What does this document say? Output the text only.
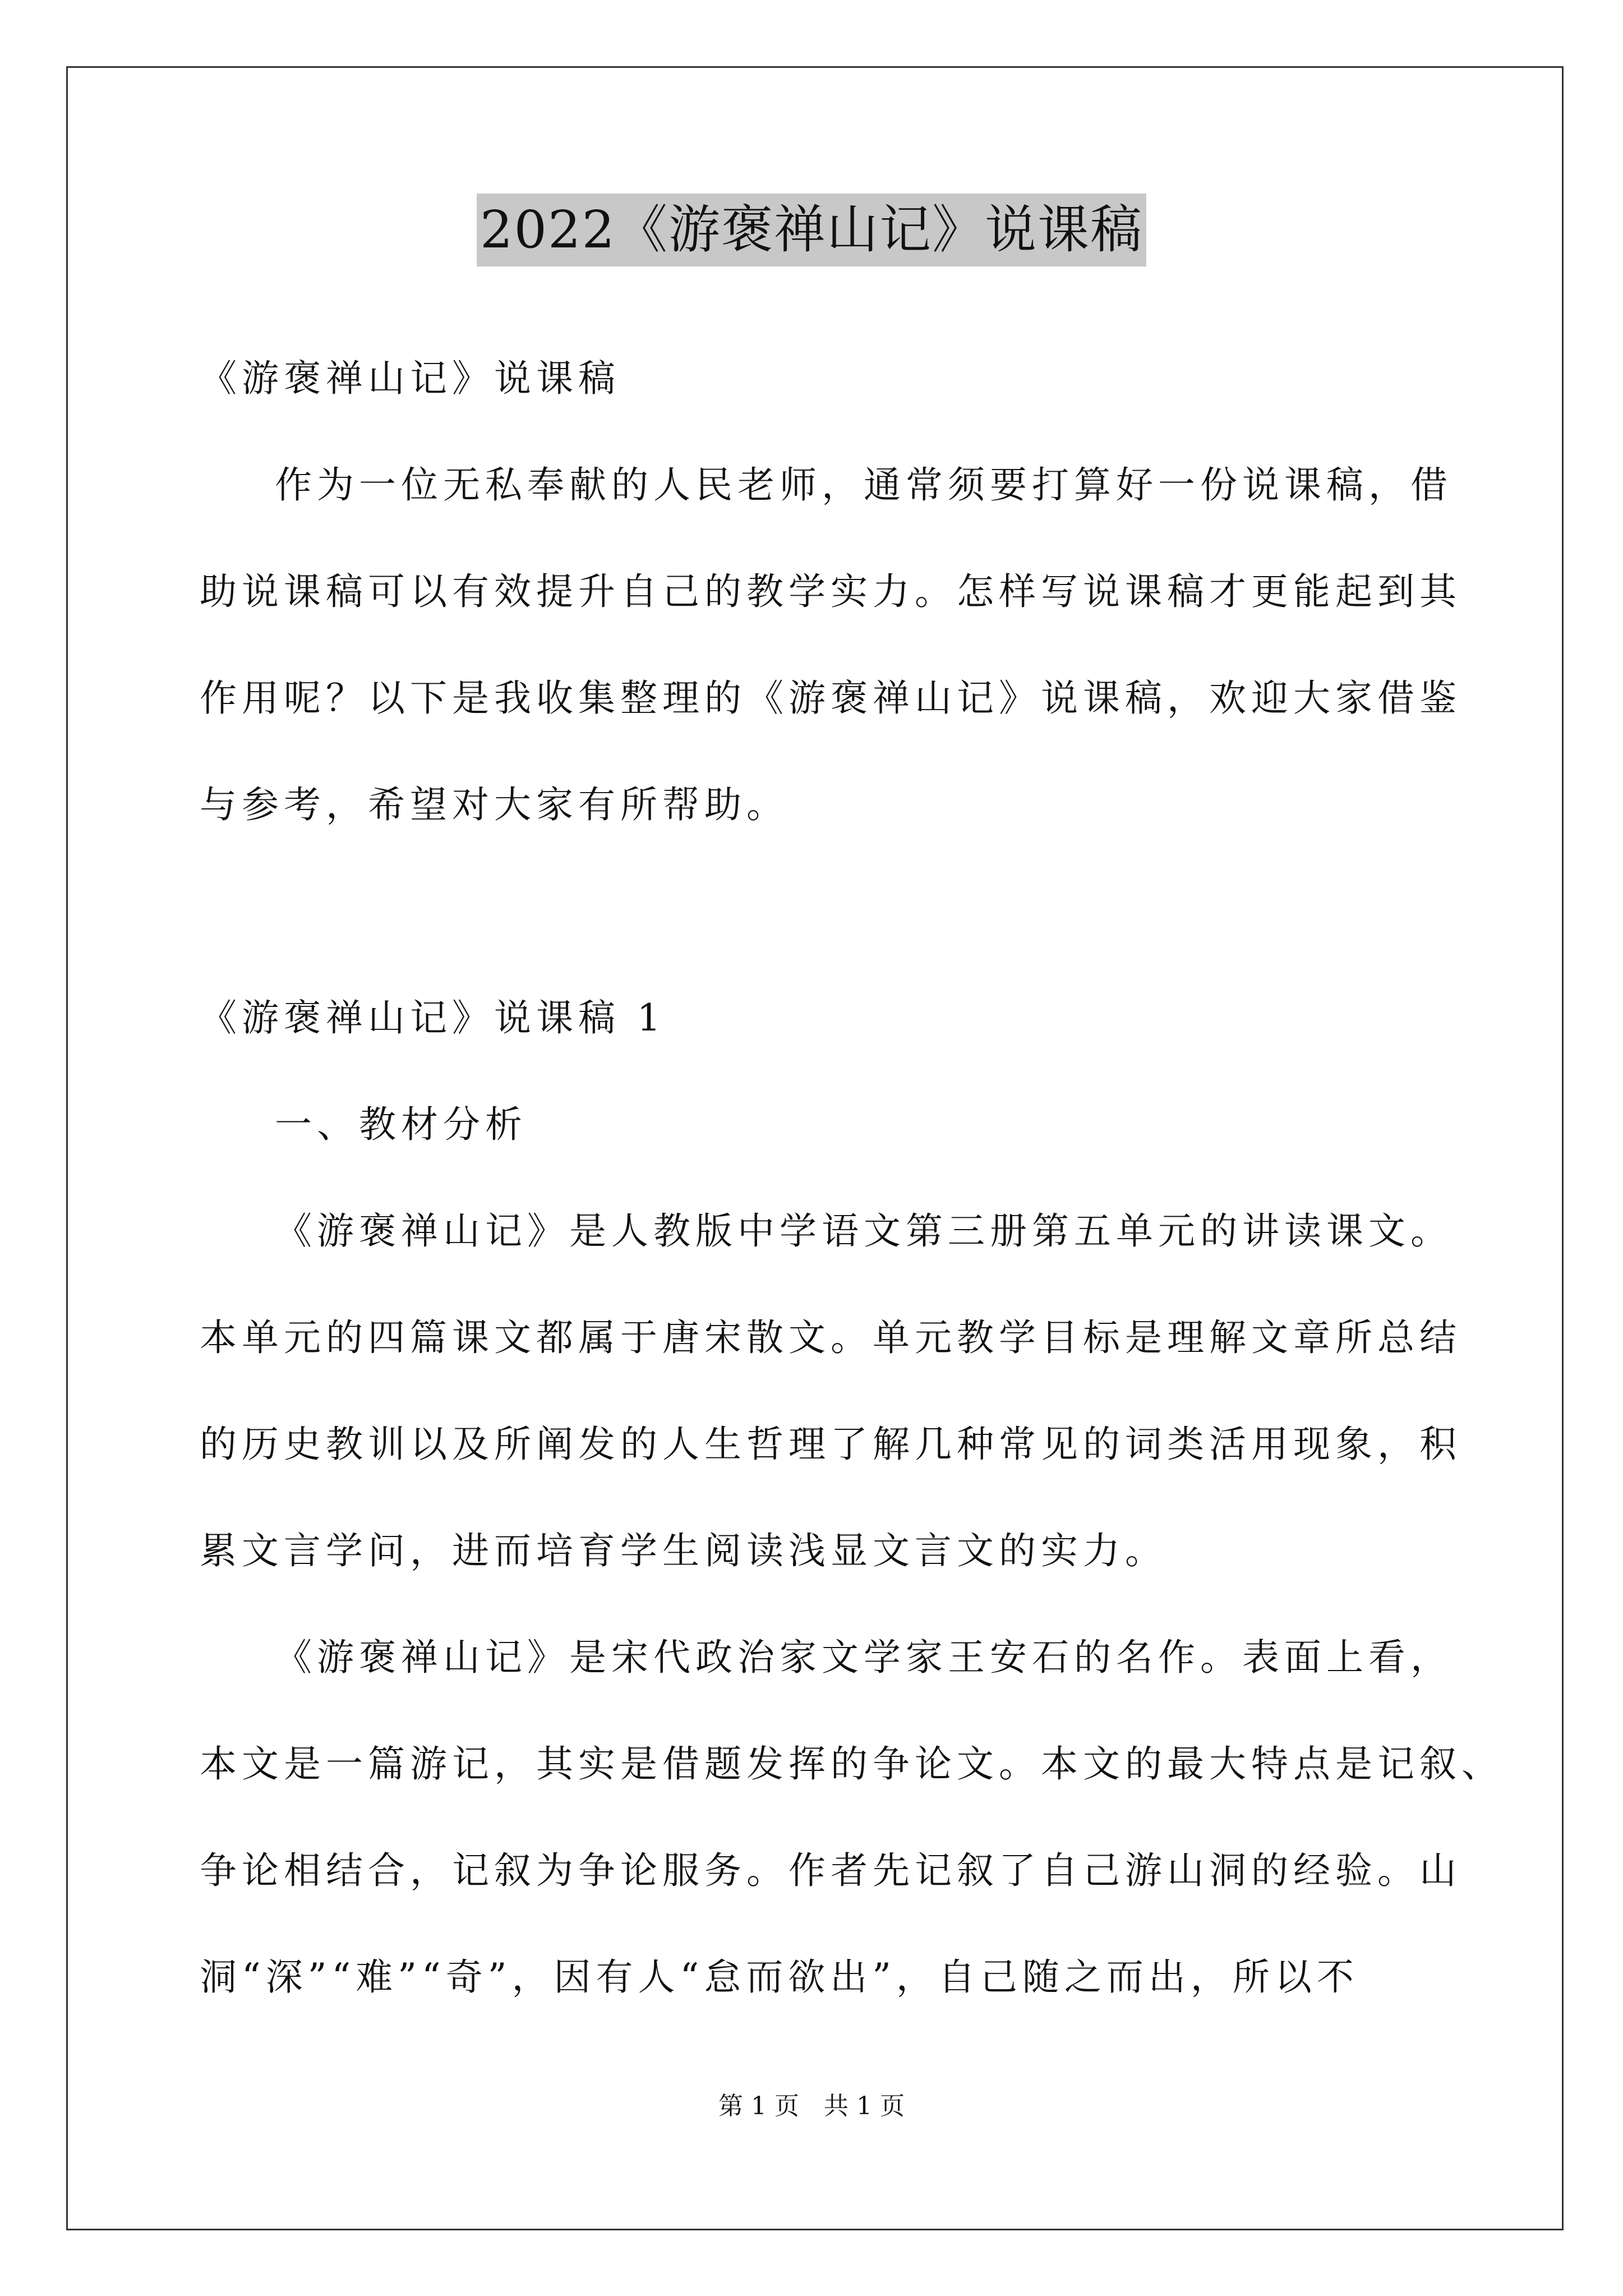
2022《游褒禅山记》说课稿
《游褒禅山记》说课稿
作为一位无私奉献的人民老师，通常须要打算好一份说课稿，借
助说课稿可以有效提升自己的教学实力。怎样写说课稿才更能起到其
作用呢？以下是我收集整理的《游褒禅山记》说课稿，欢迎大家借鉴
与参考，希望对大家有所帮助。
《游褒禅山记》说课稿 1
一、教材分析
《游褒禅山记》是人教版中学语文第三册第五单元的讲读课文。
本单元的四篇课文都属于唐宋散文。单元教学目标是理解文章所总结
的历史教训以及所阐发的人生哲理了解几种常见的词类活用现象，积
累文言学问，进而培育学生阅读浅显文言文的实力。
《游褒禅山记》是宋代政治家文学家王安石的名作。表面上看，
本文是一篇游记，其实是借题发挥的争论文。本文的最大特点是记叙、
争论相结合，记叙为争论服务。作者先记叙了自己游山洞的经验。山
洞“深”“难”“奇”，因有人“怠而欲出”，自己随之而出，所以不
第 1 页　共 1 页
